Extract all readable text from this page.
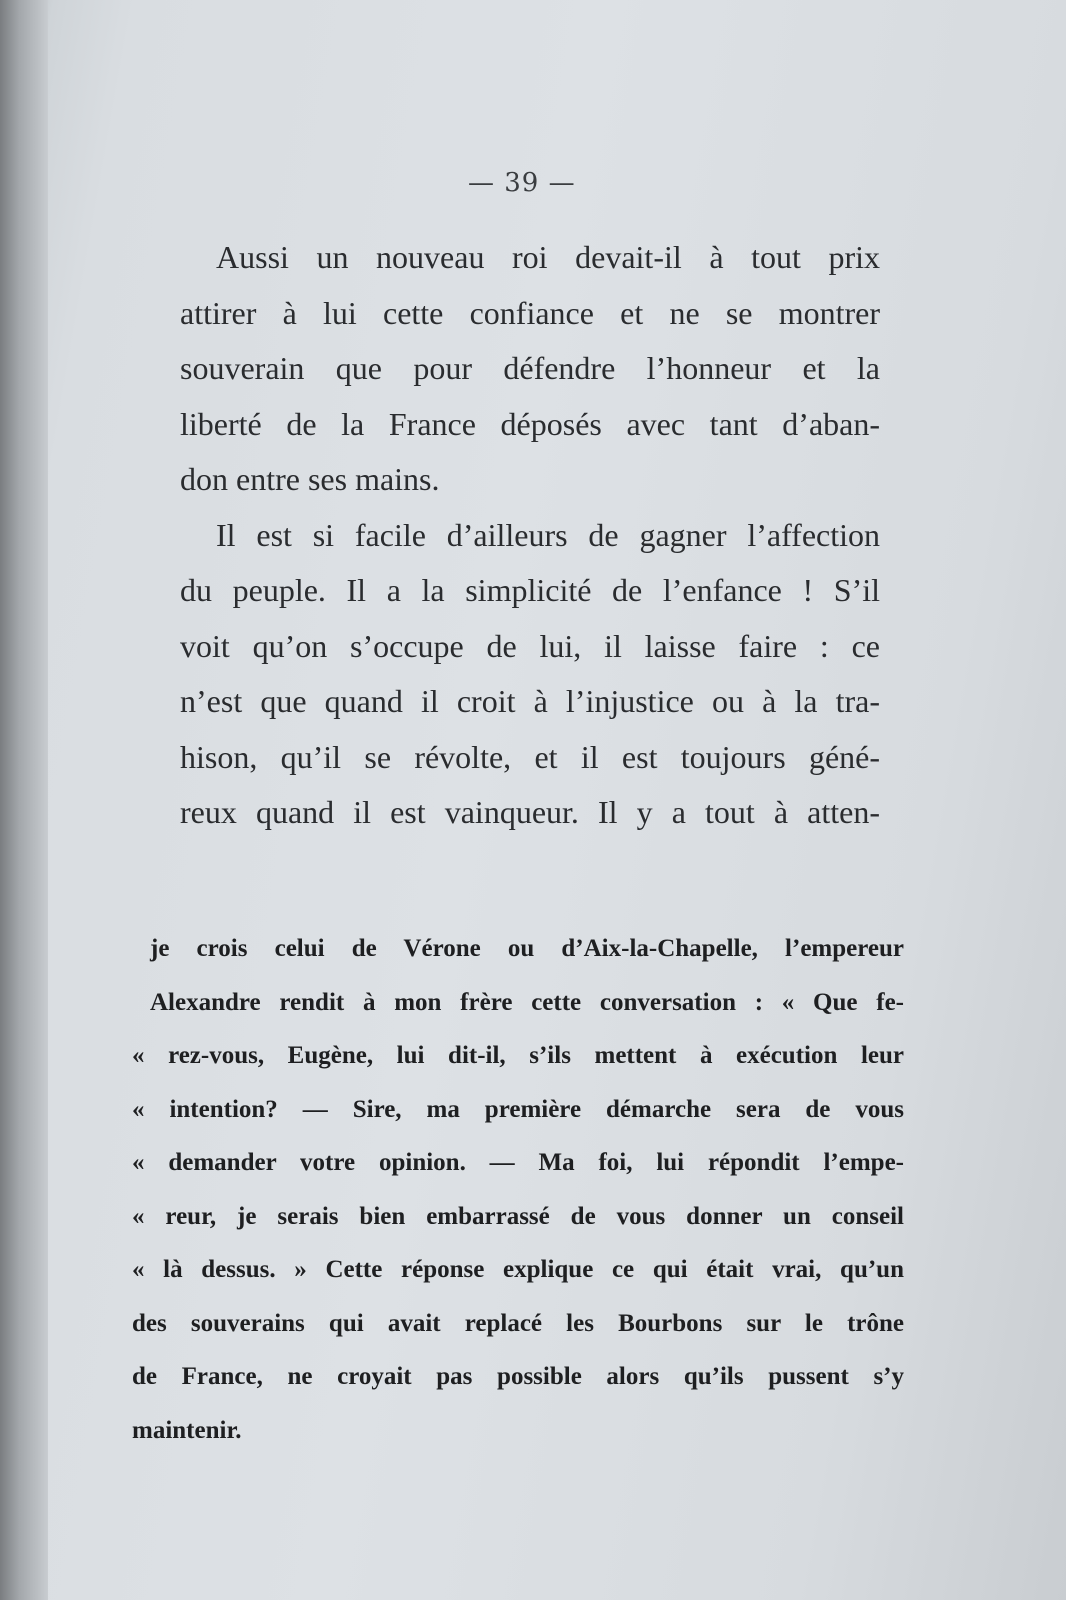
— 39 —
Aussi un nouveau roi devait-il à tout prix
attirer à lui cette confiance et ne se montrer
souverain que pour défendre l’honneur et la
liberté de la France déposés avec tant d’aban-
don entre ses mains.
Il est si facile d’ailleurs de gagner l’affection
du peuple. Il a la simplicité de l’enfance ! S’il
voit qu’on s’occupe de lui, il laisse faire : ce
n’est que quand il croit à l’injustice ou à la tra-
hison, qu’il se révolte, et il est toujours géné-
reux quand il est vainqueur. Il y a tout à atten-
je crois celui de Vérone ou d’Aix-la-Chapelle, l’empereur
Alexandre rendit à mon frère cette conversation : « Que fe-
« rez-vous, Eugène, lui dit-il, s’ils mettent à exécution leur
« intention? — Sire, ma première démarche sera de vous
« demander votre opinion. — Ma foi, lui répondit l’empe-
« reur, je serais bien embarrassé de vous donner un conseil
« là dessus. » Cette réponse explique ce qui était vrai, qu’un
des souverains qui avait replacé les Bourbons sur le trône
de France, ne croyait pas possible alors qu’ils pussent s’y
maintenir.
